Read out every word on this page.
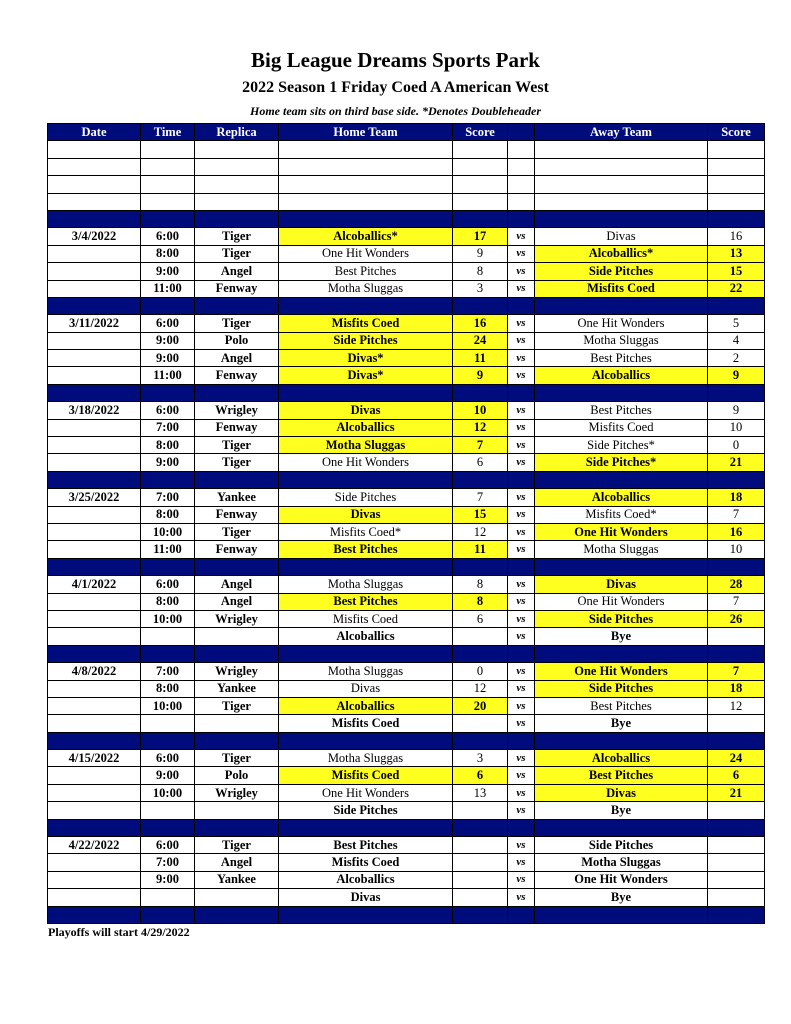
Big League Dreams Sports Park
2022 Season 1 Friday Coed A American West
Home team sits on third base side. *Denotes Doubleheader
Date	Time	Replica	Home Team	Score		Away Team	Score

3/4/2022	6:00	Tiger	Alcoballics*	17	vs	Divas	16
	8:00	Tiger	One Hit Wonders	9	vs	Alcoballics*	13
	9:00	Angel	Best Pitches	8	vs	Side Pitches	15
	11:00	Fenway	Motha Sluggas	3	vs	Misfits Coed	22

3/11/2022	6:00	Tiger	Misfits Coed	16	vs	One Hit Wonders	5
	9:00	Polo	Side Pitches	24	vs	Motha Sluggas	4
	9:00	Angel	Divas*	11	vs	Best Pitches	2
	11:00	Fenway	Divas*	9	vs	Alcoballics	9

3/18/2022	6:00	Wrigley	Divas	10	vs	Best Pitches	9
	7:00	Fenway	Alcoballics	12	vs	Misfits Coed	10
	8:00	Tiger	Motha Sluggas	7	vs	Side Pitches*	0
	9:00	Tiger	One Hit Wonders	6	vs	Side Pitches*	21

3/25/2022	7:00	Yankee	Side Pitches	7	vs	Alcoballics	18
	8:00	Fenway	Divas	15	vs	Misfits Coed*	7
	10:00	Tiger	Misfits Coed*	12	vs	One Hit Wonders	16
	11:00	Fenway	Best Pitches	11	vs	Motha Sluggas	10

4/1/2022	6:00	Angel	Motha Sluggas	8	vs	Divas	28
	8:00	Angel	Best Pitches	8	vs	One Hit Wonders	7
	10:00	Wrigley	Misfits Coed	6	vs	Side Pitches	26
			Alcoballics		vs	Bye	

4/8/2022	7:00	Wrigley	Motha Sluggas	0	vs	One Hit Wonders	7
	8:00	Yankee	Divas	12	vs	Side Pitches	18
	10:00	Tiger	Alcoballics	20	vs	Best Pitches	12
			Misfits Coed		vs	Bye	

4/15/2022	6:00	Tiger	Motha Sluggas	3	vs	Alcoballics	24
	9:00	Polo	Misfits Coed	6	vs	Best Pitches	6
	10:00	Wrigley	One Hit Wonders	13	vs	Divas	21
			Side Pitches		vs	Bye	

4/22/2022	6:00	Tiger	Best Pitches		vs	Side Pitches	
	7:00	Angel	Misfits Coed		vs	Motha Sluggas	
	9:00	Yankee	Alcoballics		vs	One Hit Wonders	
			Divas		vs	Bye	

Playoffs will start 4/29/2022
